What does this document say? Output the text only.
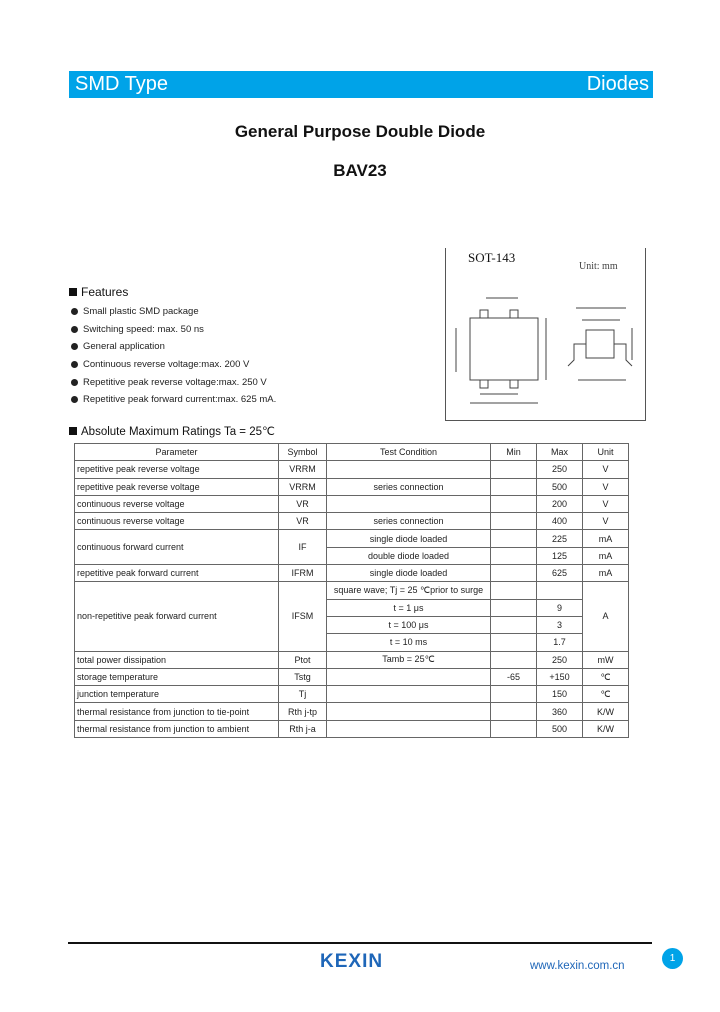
SMD Type	Diodes
General Purpose Double Diode
BAV23
SOT-143
Unit: mm
Features
Small plastic SMD package
Switching speed: max. 50 ns
General application
Continuous reverse voltage:max. 200 V
Repetitive peak reverse voltage:max. 250 V
Repetitive peak forward current:max. 625 mA.
Absolute Maximum Ratings Ta = 25℃
Parameter	Symbol	Test Condition	Min	Max	Unit
repetitive peak reverse voltage	VRRM			250	V
repetitive peak reverse voltage	VRRM	series connection		500	V
continuous reverse voltage	VR			200	V
continuous reverse voltage	VR	series connection		400	V
continuous forward current	IF	single diode loaded		225	mA
		double diode loaded		125	mA
repetitive peak forward current	IFRM	single diode loaded		625	mA
non-repetitive peak forward current	IFSM	square wave; Tj = 25 ℃prior to surge			A
		t = 1 μs		9	
		t = 100 μs		3	
		t = 10 ms		1.7	
total power dissipation	Ptot	Tamb = 25℃		250	mW
storage temperature	Tstg		-65	+150	℃
junction temperature	Tj			150	℃
thermal resistance from junction to tie-point	Rth j-tp			360	K/W
thermal resistance from junction to ambient	Rth j-a			500	K/W
KEXIN	www.kexin.com.cn
1
